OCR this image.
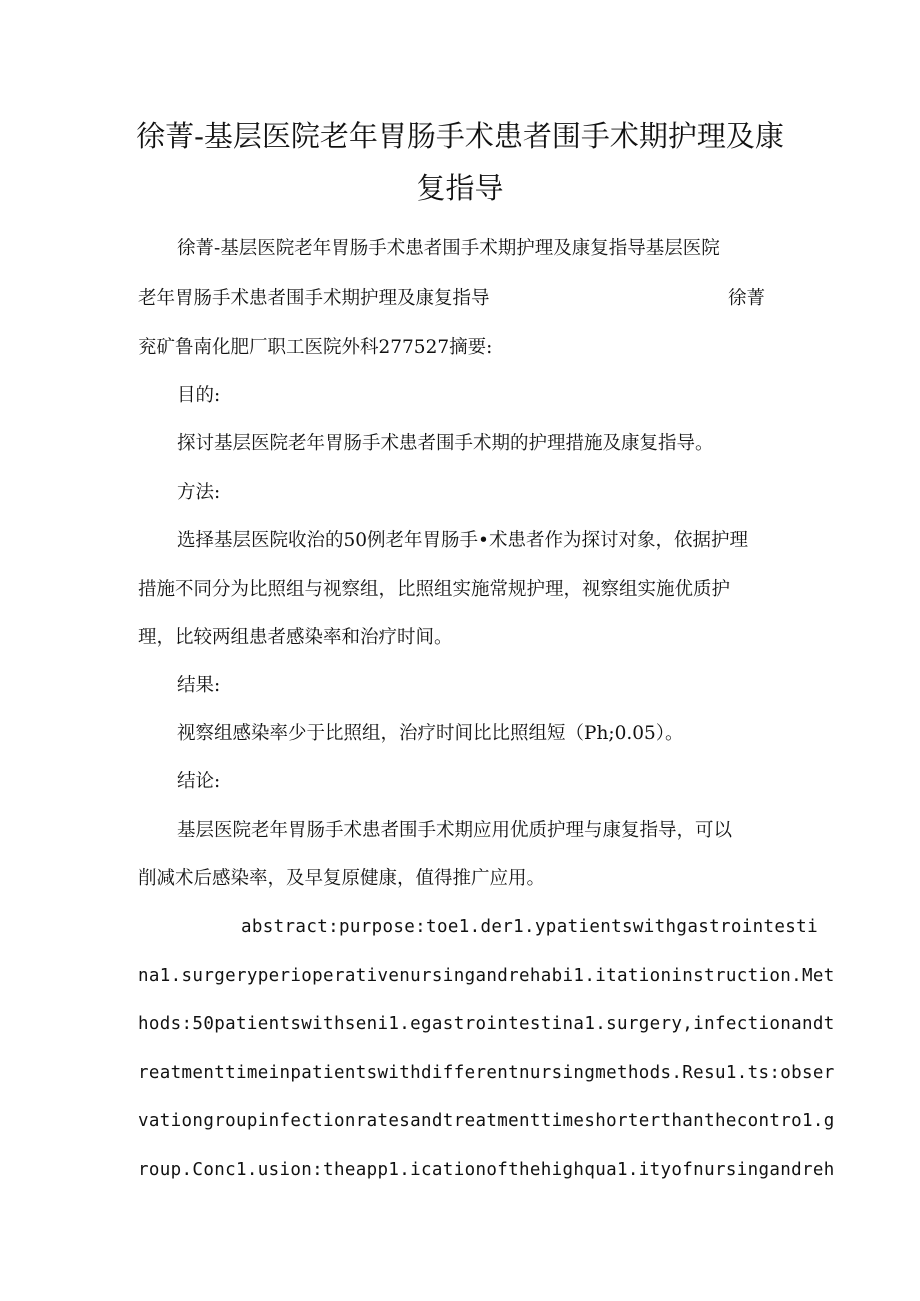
徐菁-基层医院老年胃肠手术患者围手术期护理及康
复指导

徐菁-基层医院老年胃肠手术患者围手术期护理及康复指导基层医院

老年胃肠手术患者围手术期护理及康复指导	徐菁

兖矿鲁南化肥厂职工医院外科277527摘要:

目的:

探讨基层医院老年胃肠手术患者围手术期的护理措施及康复指导。

方法:

选择基层医院收治的50例老年胃肠手•术患者作为探讨对象，依据护理

措施不同分为比照组与视察组，比照组实施常规护理，视察组实施优质护

理，比较两组患者感染率和治疗时间。

结果:

视察组感染率少于比照组，治疗时间比比照组短（Ph;0.05）。

结论:

基层医院老年胃肠手术患者围手术期应用优质护理与康复指导，可以

削减术后感染率，及早复原健康，值得推广应用。

abstract:purpose:toe1.der1.ypatientswithgastrointesti

na1.surgeryperioperativenursingandrehabi1.itationinstruction.Met

hods:50patientswithseni1.egastrointestina1.surgery,infectionandt

reatmenttimeinpatientswithdifferentnursingmethods.Resu1.ts:obser

vationgroupinfectionratesandtreatmenttimeshorterthanthecontro1.g

roup.Conc1.usion:theapp1.icationofthehighqua1.ityofnursingandreh
